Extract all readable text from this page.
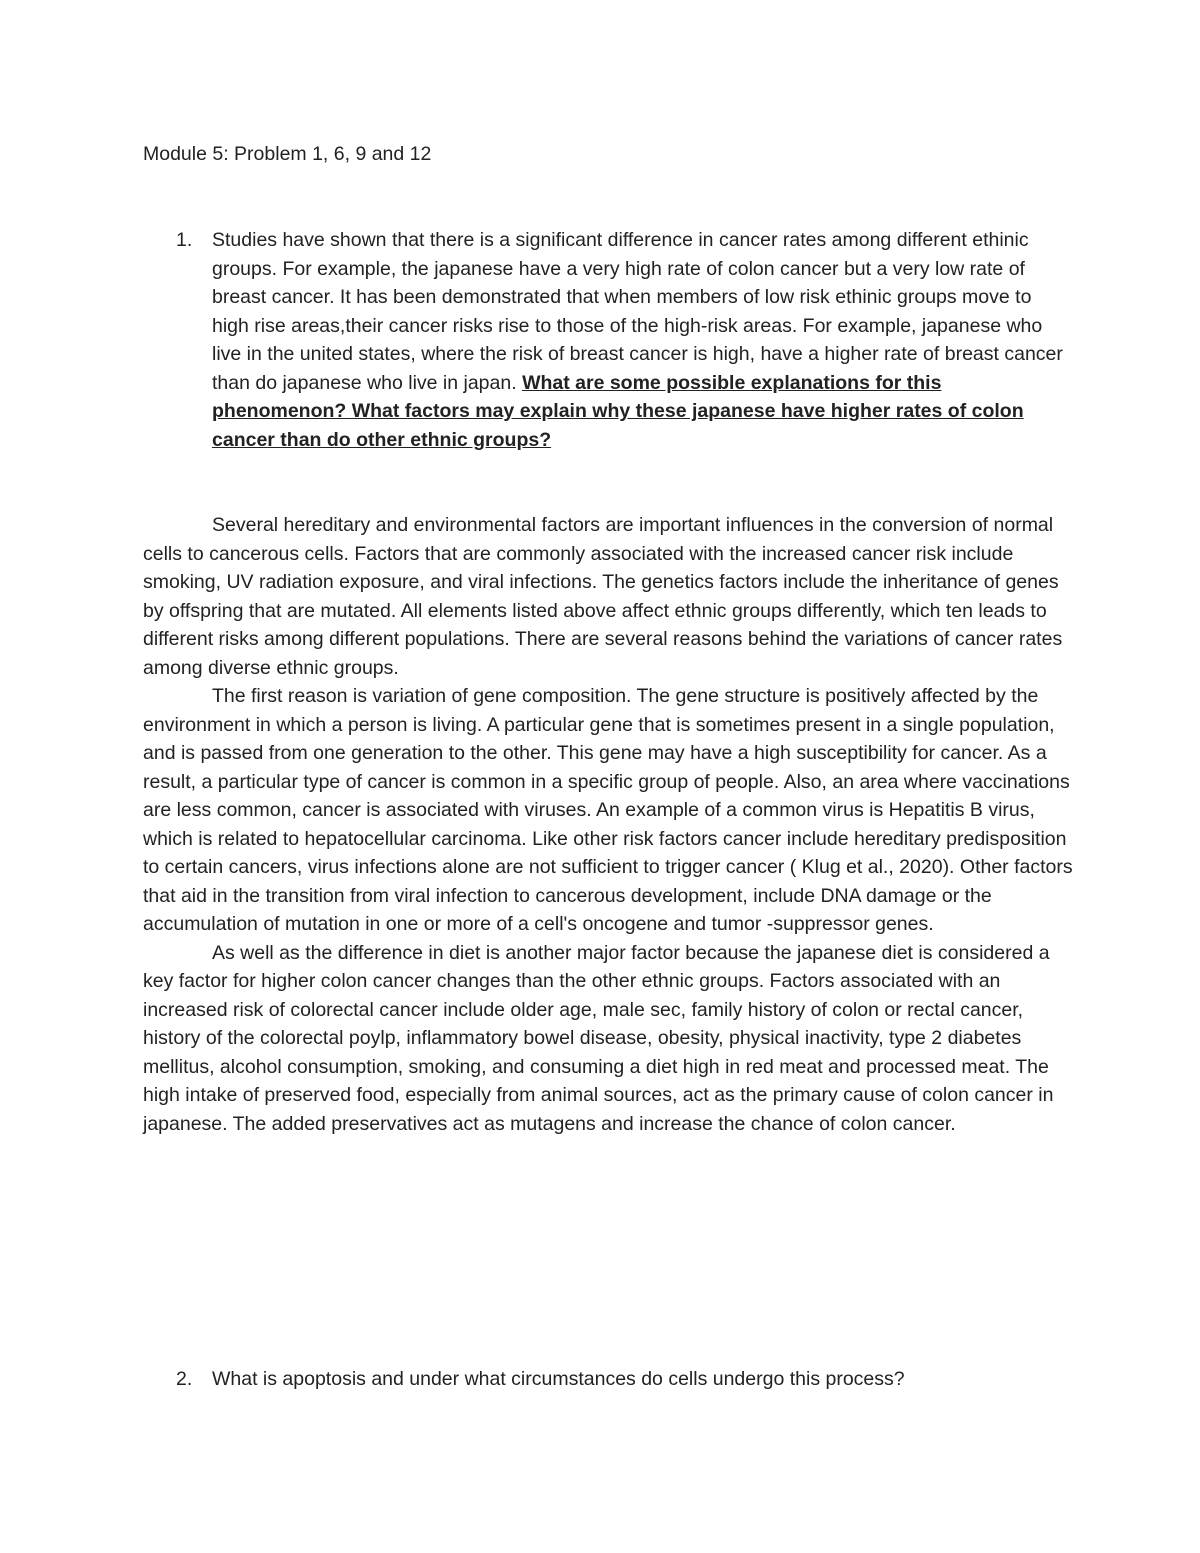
Module 5: Problem 1, 6, 9 and 12
1. Studies have shown that there is a significant difference in cancer rates among different ethinic groups. For example, the japanese have a very high rate of colon cancer but a very low rate of breast cancer. It has been demonstrated that when members of low risk ethinic groups move to high rise areas,their cancer risks rise to those of the high-risk areas. For example, japanese who live in the united states, where the risk of breast cancer is high, have a higher rate of breast cancer than do japanese who live in japan. What are some possible explanations for this phenomenon? What factors may explain why these japanese have higher rates of colon cancer than do other ethnic groups?

Several hereditary and environmental factors are important influences in the conversion of normal cells to cancerous cells. Factors that are commonly associated with the increased cancer risk include smoking, UV radiation exposure, and viral infections. The genetics factors include the inheritance of genes by offspring that are mutated. All elements listed above affect ethnic groups differently, which ten leads to different risks among different populations. There are several reasons behind the variations of cancer rates among diverse ethnic groups.

The first reason is variation of gene composition. The gene structure is positively affected by the environment in which a person is living. A particular gene that is sometimes present in a single population, and is passed from one generation to the other. This gene may have a high susceptibility for cancer. As a result, a particular type of cancer is common in a specific group of people. Also, an area where vaccinations are less common, cancer is associated with viruses. An example of a common virus is Hepatitis B virus, which is related to hepatocellular carcinoma. Like other risk factors cancer include hereditary predisposition to certain cancers, virus infections alone are not sufficient to trigger cancer ( Klug et al., 2020). Other factors that aid in the transition from viral infection to cancerous development, include DNA damage or the accumulation of mutation in one or more of a cell's oncogene and tumor -suppressor genes.

As well as the difference in diet is another major factor because the japanese diet is considered a key factor for higher colon cancer changes than the other ethnic groups. Factors associated with an increased risk of colorectal cancer include older age, male sec, family history of colon or rectal cancer, history of the colorectal poylp, inflammatory bowel disease, obesity, physical inactivity, type 2 diabetes mellitus, alcohol consumption, smoking, and consuming a diet high in red meat and processed meat. The high intake of preserved food, especially from animal sources, act as the primary cause of colon cancer in japanese. The added preservatives act as mutagens and increase the chance of colon cancer.

2. What is apoptosis and under what circumstances do cells undergo this process?
